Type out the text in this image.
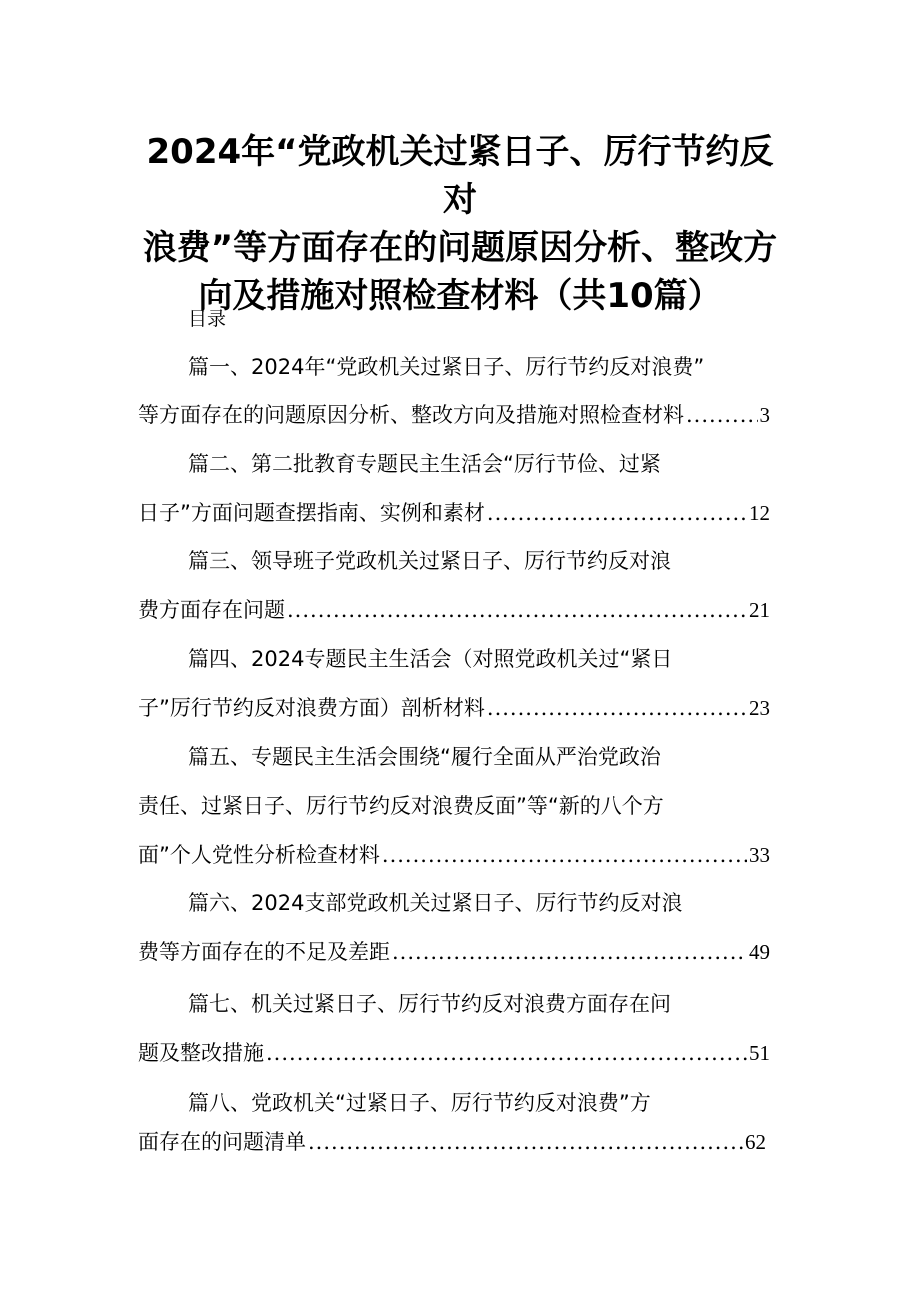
2024年“党政机关过紧日子、厉行节约反对
浪费”等方面存在的问题原因分析、整改方
向及措施对照检查材料（共10篇）
目录
篇一、2024年“党政机关过紧日子、厉行节约反对浪费”
等方面存在的问题原因分析、整改方向及措施对照检查材料 .....	3
篇二、第二批教育专题民主生活会“厉行节俭、过紧
日子”方面问题查摆指南、实例和素材 .....	12
篇三、领导班子党政机关过紧日子、厉行节约反对浪
费方面存在问题 .....	21
篇四、2024专题民主生活会（对照党政机关过“紧日
子”厉行节约反对浪费方面）剖析材料 .....	23
篇五、专题民主生活会围绕“履行全面从严治党政治
责任、过紧日子、厉行节约反对浪费反面”等“新的八个方
面”个人党性分析检查材料 .....	33
篇六、2024支部党政机关过紧日子、厉行节约反对浪
费等方面存在的不足及差距 .....	49
篇七、机关过紧日子、厉行节约反对浪费方面存在问
题及整改措施 .....	51
篇八、党政机关“过紧日子、厉行节约反对浪费”方
面存在的问题清单 .....	62
